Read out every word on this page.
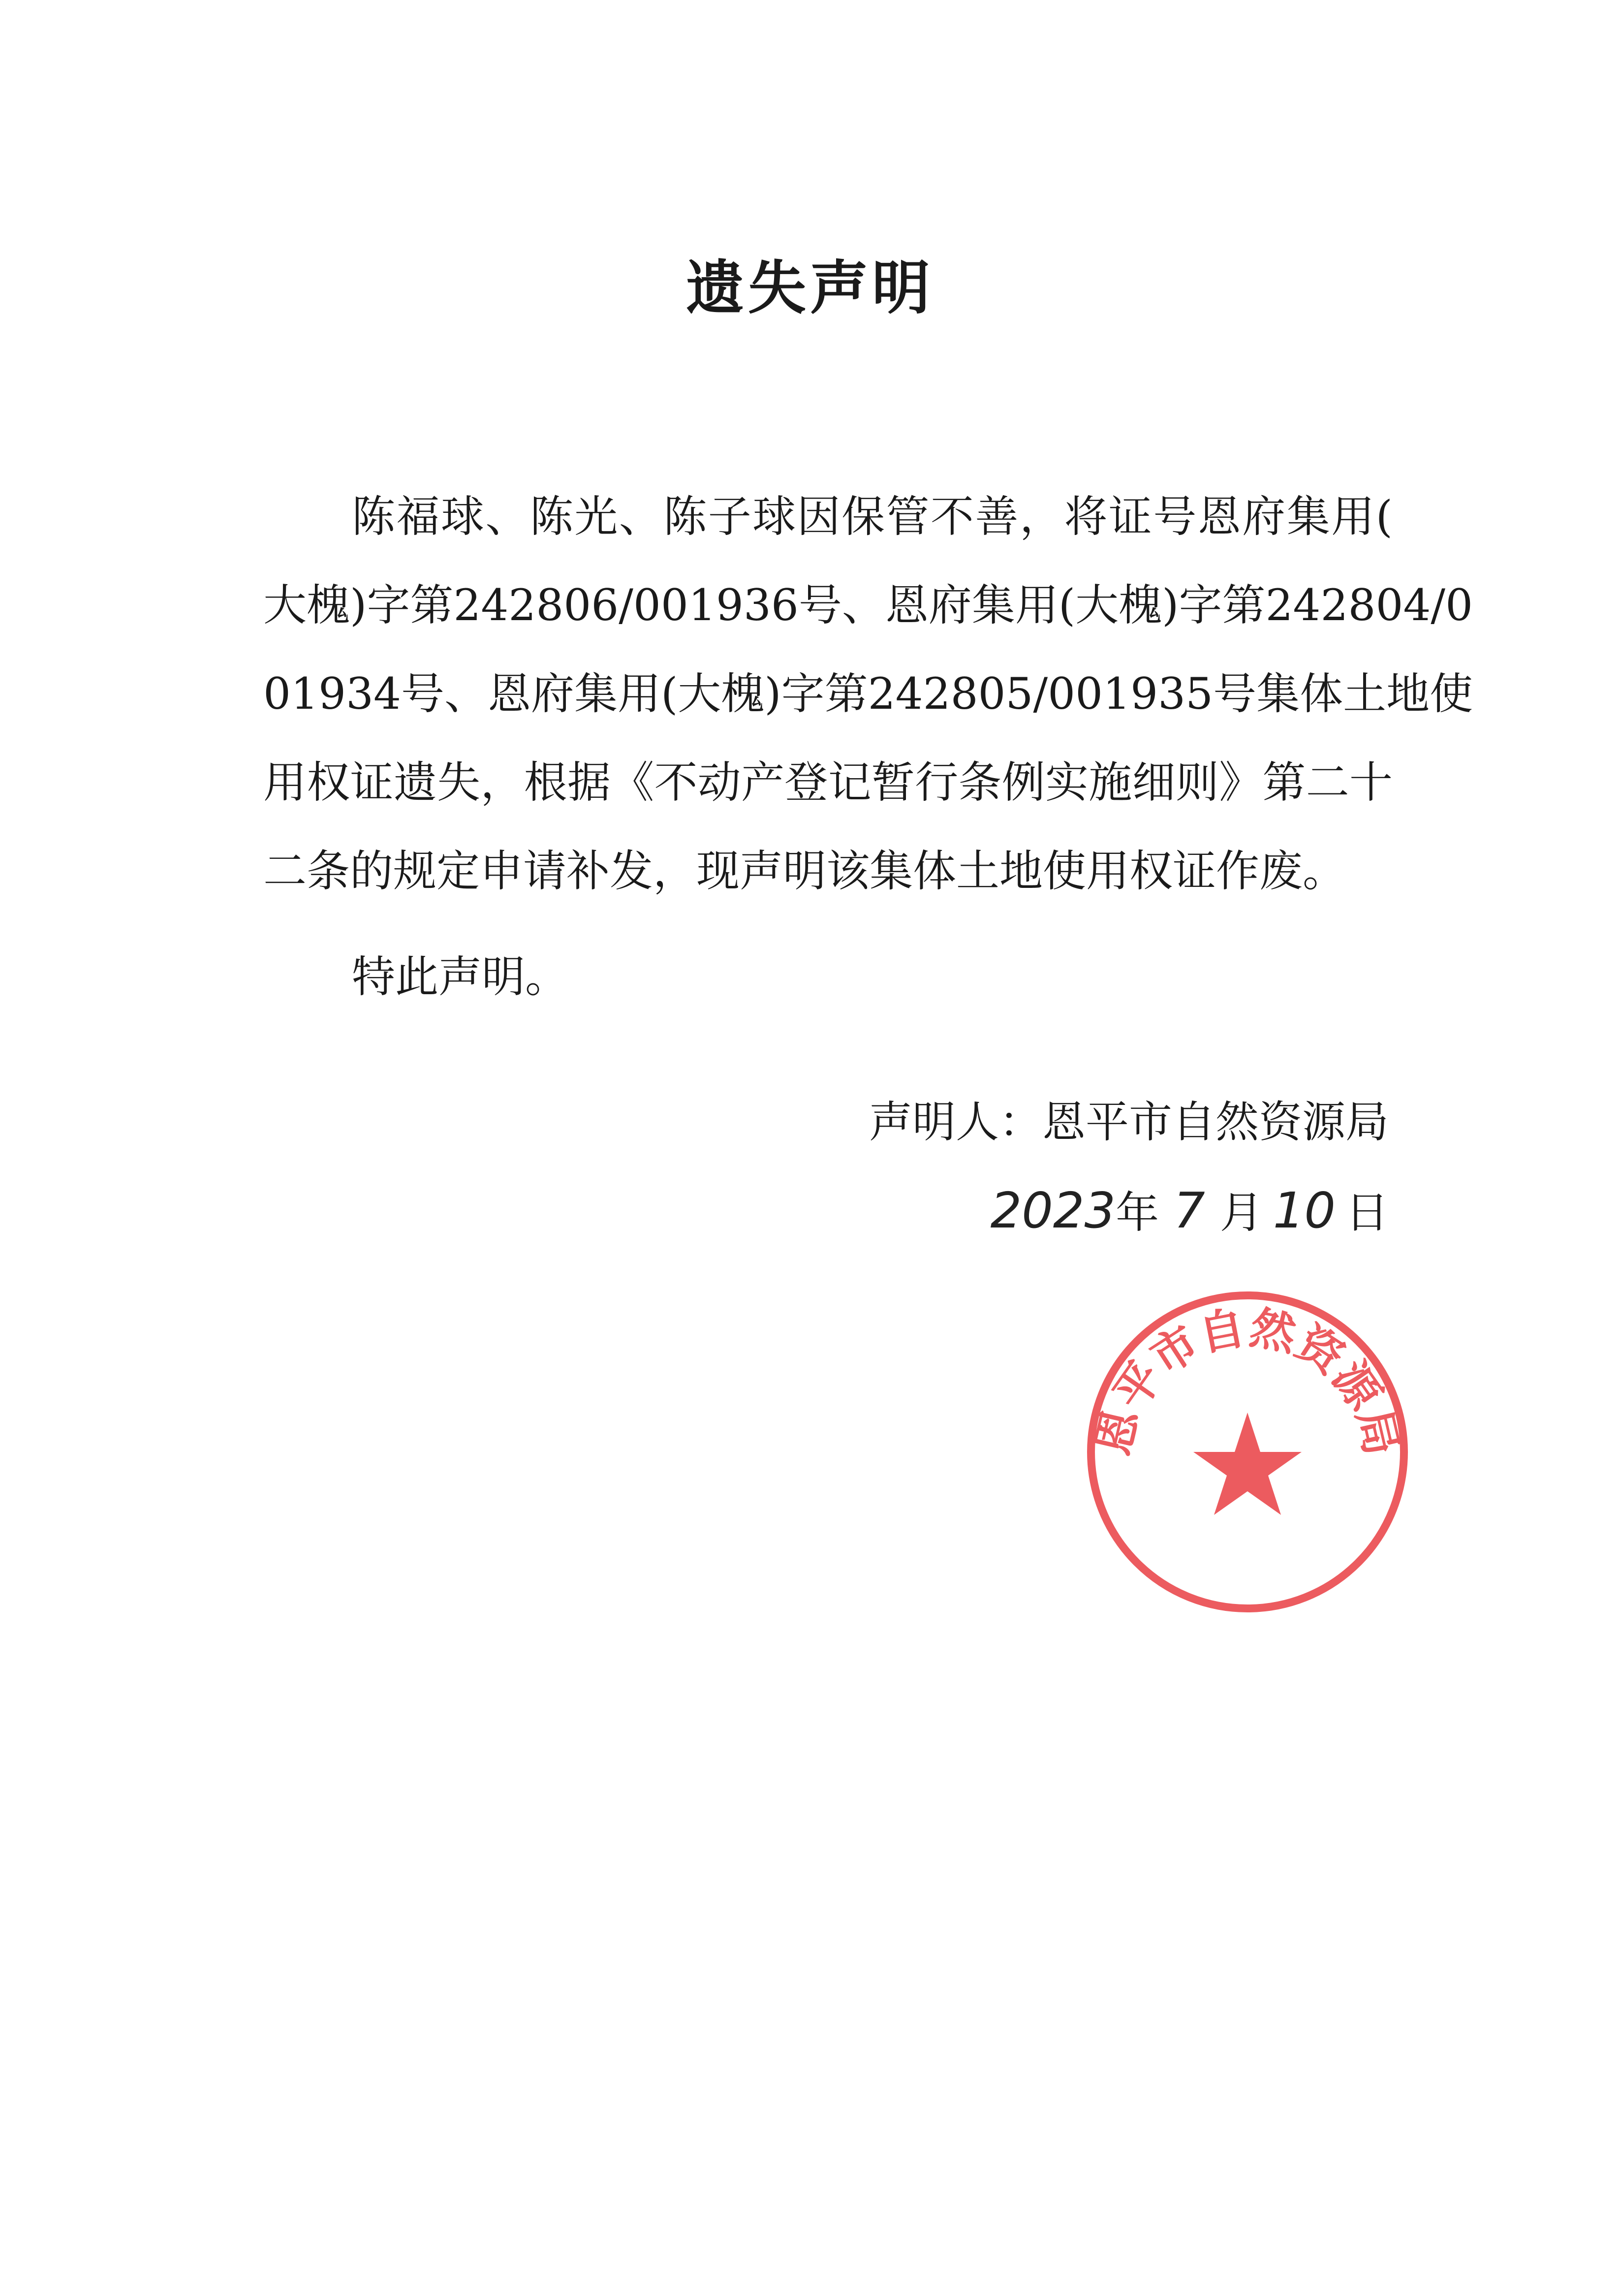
遗失声明
陈福球、陈光、陈子球因保管不善，将证号恩府集用(
大槐)字第242806/001936号、恩府集用(大槐)字第242804/0
01934号、恩府集用(大槐)字第242805/001935号集体土地使
用权证遗失，根据《不动产登记暂行条例实施细则》第二十
二条的规定申请补发，现声明该集体土地使用权证作废。
特此声明。
声明人：恩平市自然资源局
2023年 7 月 10 日
恩平市自然资源局
